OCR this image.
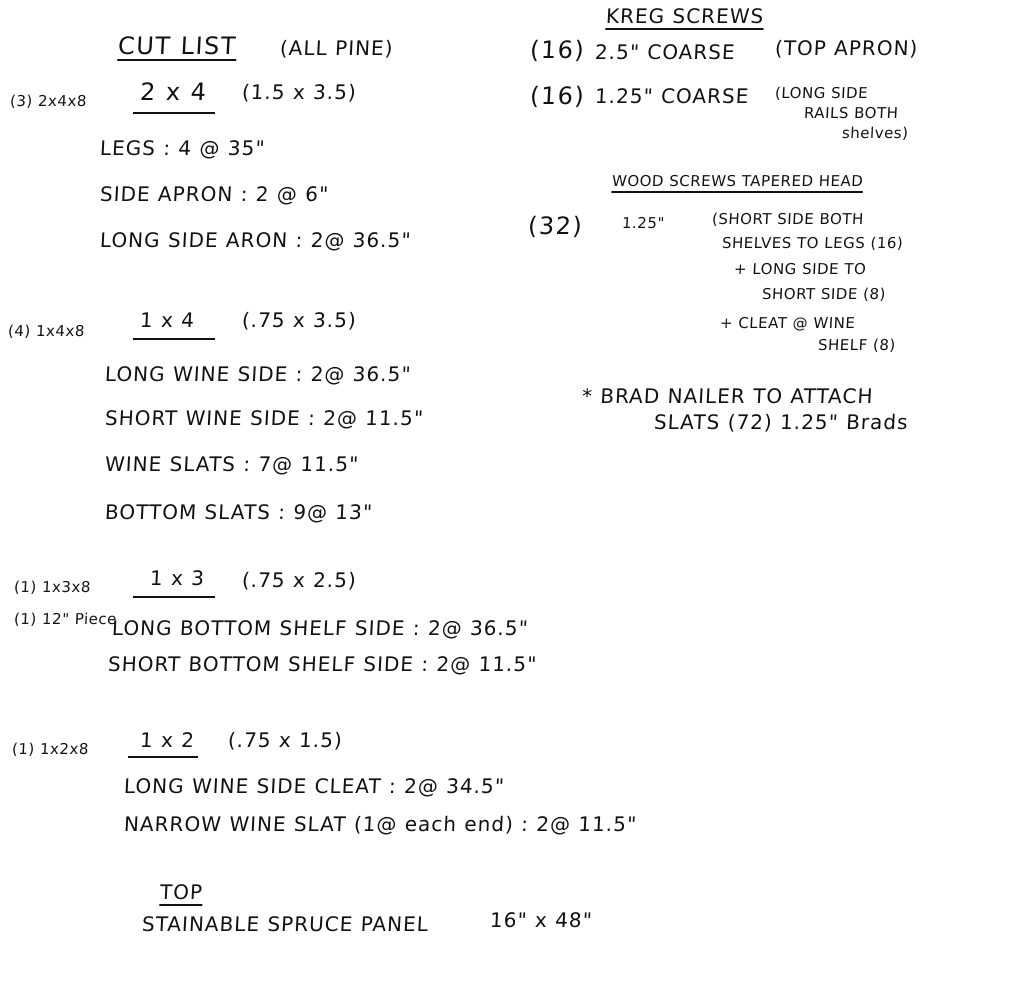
CUT LIST (ALL PINE)
(3) 2x4x8 2 x 4 (1.5 x 3.5)
LEGS : 4 @ 35"
SIDE APRON : 2 @ 6"
LONG SIDE ARON : 2@ 36.5"
(4) 1x4x8	1 x 4 (.75 x 3.5)
LONG WINE SIDE : 2@ 36.5"
SHORT WINE SIDE : 2@ 11.5"
WINE SLATS : 7@ 11.5"
BOTTOM SLATS : 9@ 13"
(1) 1x3x8
(1) 12" Piece
1 x 3 (.75 x 2.5)
LONG BOTTOM SHELF SIDE : 2@ 36.5"
SHORT BOTTOM SHELF SIDE : 2@ 11.5"
(1) 1x2x8 1 x 2 (.75 x 1.5)
LONG WINE SIDE CLEAT : 2@ 34.5"
NARROW WINE SLAT (1@ each end) : 2@ 11.5"
TOP
STAINABLE SPRUCE PANEL	16" x 48"
KREG SCREWS
(16) 2.5" COARSE (TOP APRON)
(16) 1.25" COARSE (LONG SIDE
RAILS BOTH
shelves)
WOOD SCREWS TAPERED HEAD
(32)	1.25"	(SHORT SIDE BOTH
SHELVES TO LEGS (16)
+ LONG SIDE TO
SHORT SIDE (8)
+ CLEAT @ WINE
SHELF (8)
* BRAD NAILER TO ATTACH
SLATS (72) 1.25" Brads
